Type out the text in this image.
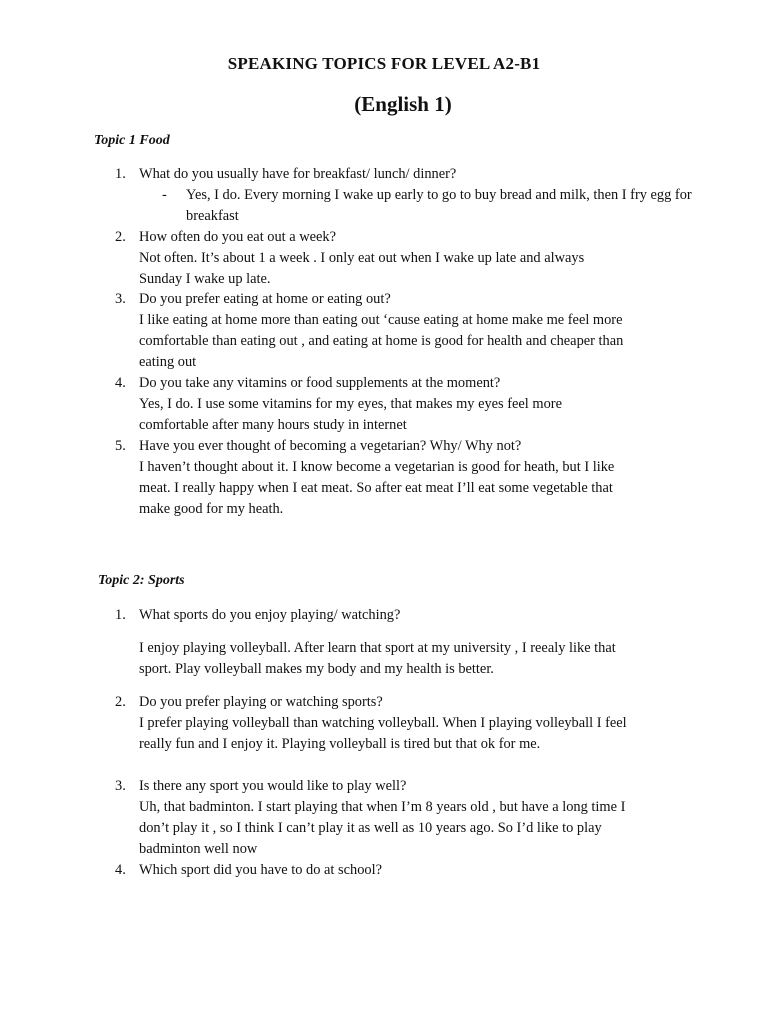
SPEAKING TOPICS FOR LEVEL A2-B1
(English 1)
Topic 1 Food
1. What do you usually have for breakfast/ lunch/ dinner?
- Yes, I do. Every morning I wake up early to go to buy bread and milk, then I fry egg for breakfast
2. How often do you eat out a week?
Not often. It’s about 1 a week . I only eat out when I wake up late and always
Sunday I wake up late.
3. Do you prefer eating at home or eating out?
I like eating at home more than eating out ‘cause eating at home make me feel more
comfortable than eating out , and eating at home is good for health and cheaper than
eating out
4. Do you take any vitamins or food supplements at the moment?
Yes, I do. I use some vitamins for my eyes, that makes my eyes feel more
comfortable after many hours study in internet
5. Have you ever thought of becoming a vegetarian? Why/ Why not?
I haven’t thought about it. I know become a vegetarian is good for heath, but I like
meat. I really happy when I eat meat. So after eat meat I’ll eat some vegetable that
make good for my heath.
Topic 2: Sports
1. What sports do you enjoy playing/ watching?
I enjoy playing volleyball. After learn that sport at my university , I reealy like that
sport. Play volleyball makes my body and my health is better.
2. Do you prefer playing or watching sports?
I prefer playing volleyball than watching volleyball. When I playing volleyball I feel
really fun and I enjoy it. Playing volleyball is tired but that ok for me.
3. Is there any sport you would like to play well?
Uh, that badminton. I start playing that when I’m 8 years old , but have a long time I
don’t play it , so I think I can’t play it as well as 10 years ago. So I’d like to play
badminton well now
4. Which sport did you have to do at school?
